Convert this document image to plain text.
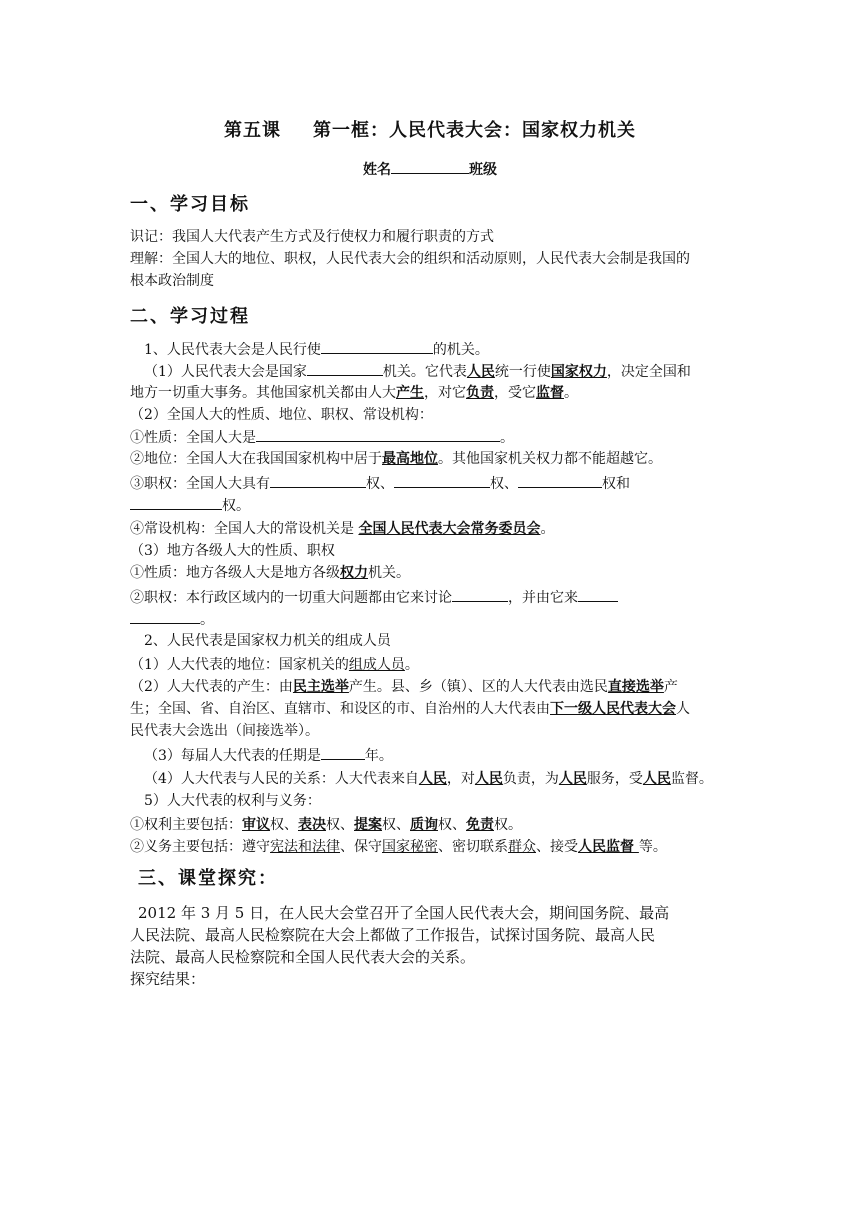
第五课 第一框：人民代表大会：国家权力机关
姓名	班级
一、学习目标
识记：我国人大代表产生方式及行使权力和履行职责的方式
理解：全国人大的地位、职权，人民代表大会的组织和活动原则，人民代表大会制是我国的
根本政治制度
二、学习过程
1、人民代表大会是人民行使	的机关。
（1）人民代表大会是国家	机关。它代表人民统一行使国家权力，决定全国和
地方一切重大事务。其他国家机关都由人大产生，对它负责，受它监督。
（2）全国人大的性质、地位、职权、常设机构：
①性质：全国人大是	。
②地位：全国人大在我国国家机构中居于最高地位。其他国家机关权力都不能超越它。
③职权：全国人大具有	权、	权、	权和
权。
④常设机构：全国人大的常设机关是 全国人民代表大会常务委员会。
（3）地方各级人大的性质、职权
①性质：地方各级人大是地方各级权力机关。
②职权：本行政区域内的一切重大问题都由它来讨论	，并由它来
。
2、人民代表是国家权力机关的组成人员
（1）人大代表的地位：国家机关的组成人员。
（2）人大代表的产生：由民主选举产生。县、乡（镇）、区的人大代表由选民直接选举产
生；全国、省、自治区、直辖市、和设区的市、自治州的人大代表由下一级人民代表大会人
民代表大会选出（间接选举）。
（3）每届人大代表的任期是	年。
（4）人大代表与人民的关系：人大代表来自人民，对人民负责，为人民服务，受人民监督。
5）人大代表的权利与义务：
①权利主要包括：审议权、表决权、提案权、质询权、免责权。
②义务主要包括：遵守宪法和法律、保守国家秘密、密切联系群众、接受人民监督 等。
三、课堂探究：
2012 年 3 月 5 日，在人民大会堂召开了全国人民代表大会，期间国务院、最高
人民法院、最高人民检察院在大会上都做了工作报告，试探讨国务院、最高人民
法院、最高人民检察院和全国人民代表大会的关系。
探究结果：
